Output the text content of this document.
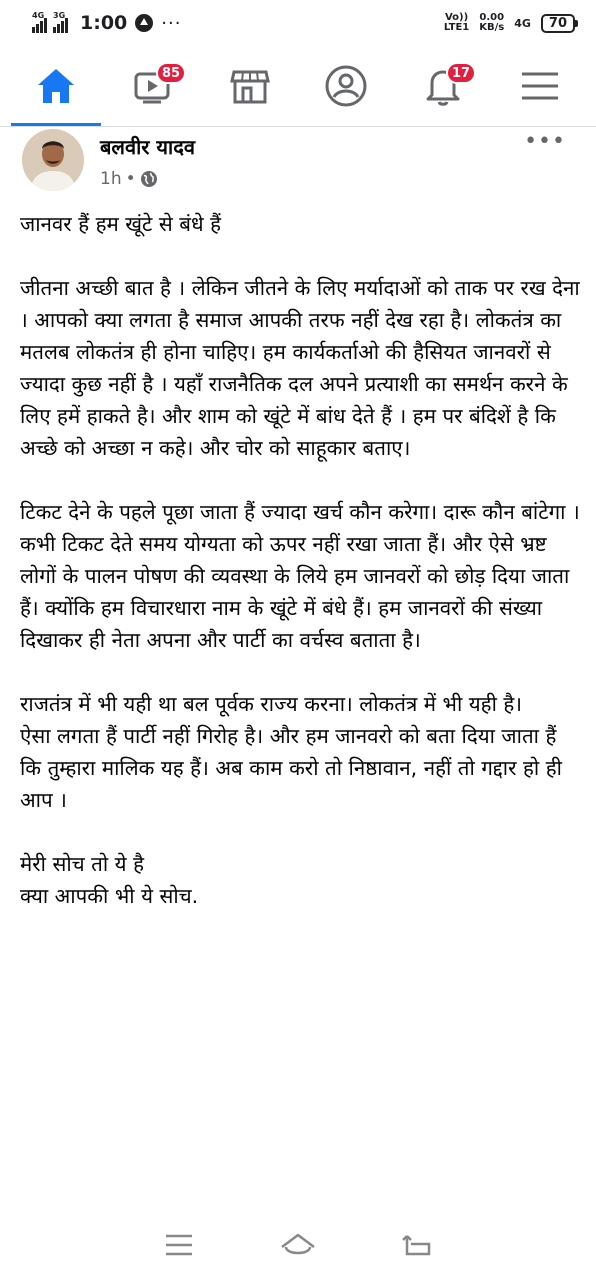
4G 3G 1:00 ···	Vo))
LTE1
0.00
KB/s 4G	70
85	17
बलवीर यादव
1h •
•••

जानवर हैं हम खूंटे से बंधे हैं

जीतना अच्छी बात है । लेकिन जीतने के लिए मर्यादाओं को ताक पर रख देना । आपको क्या लगता है समाज आपकी तरफ नहीं देख रहा है। लोकतंत्र का मतलब लोकतंत्र ही होना चाहिए। हम कार्यकर्ताओ की हैसियत जानवरों से ज्यादा कुछ नहीं है । यहाँ राजनैतिक दल अपने प्रत्याशी का समर्थन करने के लिए हमें हाकते है। और शाम को खूंटे में बांध देते हैं । हम पर बंदिशें है कि अच्छे को अच्छा न कहे। और चोर को साहूकार बताए।

टिकट देने के पहले पूछा जाता हैं ज्यादा खर्च कौन करेगा। दारू कौन बांटेगा । कभी टिकट देते समय योग्यता को ऊपर नहीं रखा जाता हैं। और ऐसे भ्रष्ट लोगों के पालन पोषण की व्यवस्था के लिये हम जानवरों को छोड़ दिया जाता हैं। क्योंकि हम विचारधारा नाम के खूंटे में बंधे हैं। हम जानवरों की संख्या दिखाकर ही नेता अपना और पार्टी का वर्चस्व बताता है।

राजतंत्र में भी यही था बल पूर्वक राज्य करना। लोकतंत्र में भी यही है।
ऐसा लगता हैं पार्टी नहीं गिरोह है। और हम जानवरो को बता दिया जाता हैं कि तुम्हारा मालिक यह हैं। अब काम करो तो निष्ठावान, नहीं तो गद्दार हो ही आप ।

मेरी सोच तो ये है
क्या आपकी भी ये सोच.
